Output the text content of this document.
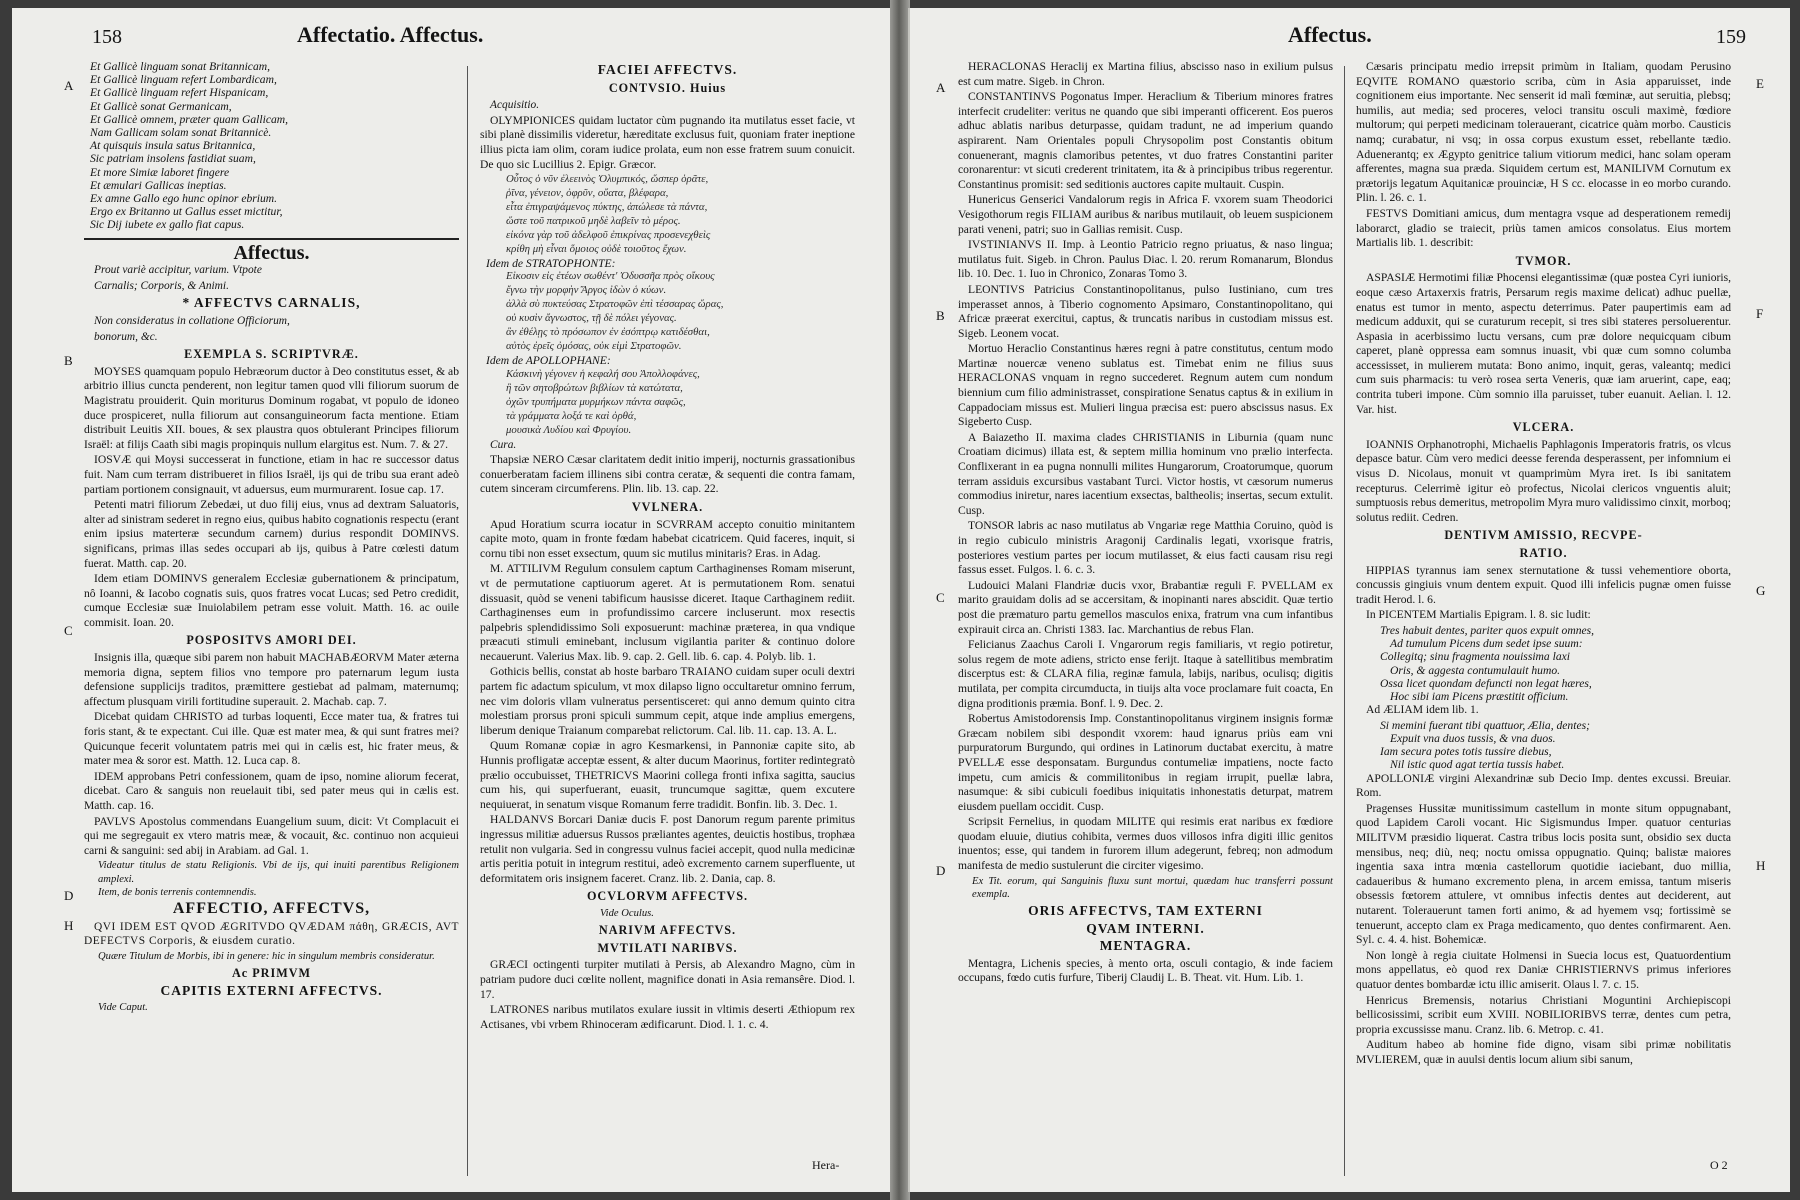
158	Affectatio. Affectus.
A
B
C
D
H

Et Gallicè linguam sonat Britannicam,

Et Gallicè linguam refert Lombardicam,

Et Gallicè linguam refert Hispanicam,

Et Gallicè sonat Germanicam,

Et Gallicè omnem, præter quam Gallicam,

Nam Gallicam solam sonat Britannicè.

At quisquis insula satus Britannica,

Sic patriam insolens fastidiat suam,

Et more Simiæ laboret fingere

Et æmulari Gallicas ineptias.

Ex amne Gallo ego hunc opinor ebrium.

Ergo ex Britanno ut Gallus esset mictitur,

Sic Dij iubete ex gallo fiat capus.

Affectus.

Prout variè accipitur, varium. Vtpote

Carnalis; Corporis, & Animi.

* AFFECTVS CARNALIS,

Non consideratus in collatione Officiorum,

bonorum, &c.

EXEMPLA S. SCRIPTVRÆ.

MOYSES quamquam populo Hebræorum ductor à Deo constitutus esset, & ab arbitrio illius cuncta penderent, non legitur tamen quod vlli filiorum suorum de Magistratu prouiderit. Quin moriturus Dominum rogabat, vt populo de idoneo duce prospiceret, nulla filiorum aut consanguineorum facta mentione. Etiam distribuit Leuitis XII. boues, & sex plaustra quos obtulerant Principes filiorum Israël: at filijs Caath sibi magis propinquis nullum elargitus est. Num. 7. & 27.

IOSVÆ qui Moysi successerat in functione, etiam in hac re successor datus fuit. Nam cum terram distribueret in filios Israël, ijs qui de tribu sua erant adeò partiam portionem consignauit, vt aduersus, eum murmurarent. Iosue cap. 17.

Petenti matri filiorum Zebedæi, ut duo filij eius, vnus ad dextram Saluatoris, alter ad sinistram sederet in regno eius, quibus habito cognationis respectu (erant enim ipsius materteræ secundum carnem) durius respondit DOMINVS. significans, primas illas sedes occupari ab ijs, quibus à Patre cœlesti datum fuerat. Matth. cap. 20.

Idem etiam DOMINVS generalem Ecclesiæ gubernationem & principatum, nô Ioanni, & Iacobo cognatis suis, quos fratres vocat Lucas; sed Petro credidit, cumque Ecclesiæ suæ Inuiolabilem petram esse voluit. Matth. 16. ac ouile commisit. Ioan. 20.

POSPOSITVS AMORI DEI.

Insignis illa, quæque sibi parem non habuit MACHABÆORVM Mater æterna memoria digna, septem filios vno tempore pro paternarum legum iusta defensione supplicijs traditos, præmittere gestiebat ad palmam, maternumq; affectum plusquam virili fortitudine superauit. 2. Machab. cap. 7.

Dicebat quidam CHRISTO ad turbas loquenti, Ecce mater tua, & fratres tui foris stant, & te expectant. Cui ille. Quæ est mater mea, & qui sunt fratres mei? Quicunque fecerit voluntatem patris mei qui in cælis est, hic frater meus, & mater mea & soror est. Matth. 12. Luca cap. 8.

IDEM approbans Petri confessionem, quam de ipso, nomine aliorum fecerat, dicebat. Caro & sanguis non reuelauit tibi, sed pater meus qui in cælis est. Matth. cap. 16.

PAVLVS Apostolus commendans Euangelium suum, dicit: Vt Complacuit ei qui me segregauit ex vtero matris meæ, & vocauit, &c. continuo non acquieui carni & sanguini: sed abij in Arabiam. ad Gal. 1.

Videatur titulus de statu Religionis. Vbi de ijs, qui inuiti parentibus Religionem amplexi.

Item, de bonis terrenis contemnendis.

AFFECTIO, AFFECTVS,

QVI IDEM EST QVOD ÆGRITVDO QVÆDAM πάθη, GRÆCIS, AVT DEFECTVS Corporis, & eiusdem curatio.

Quære Titulum de Morbis, ibi in genere: hic in singulum membris consideratur.

Ac PRIMVM
CAPITIS EXTERNI AFFECTVS.

Vide Caput.

FACIEI AFFECTVS.
CONTVSIO. Huius

Acquisitio.

OLYMPIONICES quidam luctator cùm pugnando ita mutilatus esset facie, vt sibi planè dissimilis videretur, hæreditate exclusus fuit, quoniam frater ineptione illius picta iam olim, coram iudice prolata, eum non esse fratrem suum conuicit. De quo sic Lucillius 2. Epigr. Græcor.

Οὗτος ὁ νῦν ἐλεεινὸς Ὀλυμπικός, ὥσπερ ὁρᾶτε,

ῥῖνα, γένειον, ὀφρῦν, οὔατα, βλέφαρα,

εἶτα ἐπιγραψάμενος πύκτης, ἀπώλεσε τὰ πάντα,

ὥστε τοῦ πατρικοῦ μηδὲ λαβεῖν τὸ μέρος.

εἰκόνα γὰρ τοῦ ἀδελφοῦ ἐπικρίνας προσενεχθεὶς

κρίθη μὴ εἶναι ὅμοιος οὐδὲ τοιοῦτος ἔχων.

Idem de STRATOPHONTE:

Εἰκοσιν εἰς ἐτέων σωθέντ' Ὀδυσσῆα πρὸς οἴκους

ἔγνω τὴν μορφὴν Ἄργος ἰδὼν ὁ κύων.

ἀλλὰ σὺ πυκτεύσας Στρατοφῶν ἐπὶ τέσσαρας ὥρας,

οὐ κυσὶν ἄγνωστος, τῇ δὲ πόλει γέγονας.

ἂν ἐθέλῃς τὸ πρόσωπον ἐν ἐσόπτρῳ κατιδέσθαι,

αὐτὸς ἐρεῖς ὀμόσας, οὐκ εἰμὶ Στρατοφῶν.

Idem de APOLLOPHANE:

Κάσκινὴ γέγονεν ἡ κεφαλή σου Ἀπολλοφάνες,

ἢ τῶν σητοβρώτων βιβλίων τὰ κατώτατα,

ὀχῶν τρυπήματα μυρμήκων πάντα σαφῶς,

τὰ γράμματα λοξά τε καὶ ὀρθά,

μουσικὰ Λυδίου καὶ Φρυγίου.

Cura.

Thapsiæ NERO Cæsar claritatem dedit initio imperij, nocturnis grassationibus conuerberatam faciem illinens sibi contra ceratæ, & sequenti die contra famam, cutem sinceram circumferens. Plin. lib. 13. cap. 22.

VVLNERA.

Apud Horatium scurra iocatur in SCVRRAM accepto conuitio minitantem capite moto, quam in fronte fœdam habebat cicatricem. Quid faceres, inquit, si cornu tibi non esset exsectum, quum sic mutilus minitaris? Eras. in Adag.

M. ATTILIVM Regulum consulem captum Carthaginenses Romam miserunt, vt de permutatione captiuorum ageret. At is permutationem Rom. senatui dissuasit, quòd se veneni tabificum hausisse diceret. Itaque Carthaginem rediit. Carthaginenses eum in profundissimo carcere incluserunt. mox resectis palpebris splendidissimo Soli exposuerunt: machinæ præterea, in qua vndique præacuti stimuli eminebant, inclusum vigilantia pariter & continuo dolore necauerunt. Valerius Max. lib. 9. cap. 2. Gell. lib. 6. cap. 4. Polyb. lib. 1.

Gothicis bellis, constat ab hoste barbaro TRAIANO cuidam super oculi dextri partem fic adactum spiculum, vt mox dilapso ligno occultaretur omnino ferrum, nec vim doloris vllam vulneratus persentisceret: qui anno demum quinto citra molestiam prorsus proni spiculi summum cepit, atque inde amplius emergens, liberum denique Traianum comparebat relictorum. Cal. lib. 11. cap. 13. A. L.

Quum Romanæ copiæ in agro Kesmarkensi, in Pannoniæ capite sito, ab Hunnis profligatæ acceptæ essent, & alter ducum Maorinus, fortiter redintegratò prælio occubuisset, THETRICVS Maorini collega fronti infixa sagitta, saucius cum his, qui superfuerant, euasit, truncumque sagittæ, quem excutere nequiuerat, in senatum visque Romanum ferre tradidit. Bonfin. lib. 3. Dec. 1.

HALDANVS Borcari Daniæ ducis F. post Danorum regum parente primitus ingressus militiæ aduersus Russos præliantes agentes, deuictis hostibus, trophæa retulit non vulgaria. Sed in congressu vulnus faciei accepit, quod nulla medicinæ artis peritia potuit in integrum restitui, adeò excremento carnem superfluente, ut deformitatem oris insignem faceret. Cranz. lib. 2. Dania, cap. 8.

OCVLORVM AFFECTVS.

Vide Oculus.

NARIVM AFFECTVS.
MVTILATI NARIBVS.

GRÆCI octingenti turpiter mutilati à Persis, ab Alexandro Magno, cùm in patriam pudore duci cœlite nollent, magnifice donati in Asia remansêre. Diod. l. 17.

LATRONES naribus mutilatos exulare iussit in vltimis deserti Æthiopum rex Actisanes, vbi vrbem Rhinoceram ædificarunt. Diod. l. 1. c. 4.

Hera-
Affectus.	159
A
B
C
D
E
F
G
H

HERACLONAS Heraclij ex Martina filius, abscisso naso in exilium pulsus est cum matre. Sigeb. in Chron.

CONSTANTINVS Pogonatus Imper. Heraclium & Tiberium minores fratres interfecit crudeliter: veritus ne quando que sibi imperanti officerent. Eos pueros adhuc ablatis naribus deturpasse, quidam tradunt, ne ad imperium quando aspirarent. Nam Orientales populi Chrysopolim post Constantis obitum conuenerant, magnis clamoribus petentes, vt duo fratres Constantini pariter coronarentur: vt sicuti crederent trinitatem, ita & à principibus tribus regerentur. Constantinus promisit: sed seditionis auctores capite multauit. Cuspin.

Hunericus Genserici Vandalorum regis in Africa F. vxorem suam Theodorici Vesigothorum regis FILIAM auribus & naribus mutilauit, ob leuem suspicionem parati veneni, patri; suo in Gallias remisit. Cusp.

IVSTINIANVS II. Imp. à Leontio Patricio regno priuatus, & naso lingua; mutilatus fuit. Sigeb. in Chron. Paulus Diac. l. 20. rerum Romanarum, Blondus lib. 10. Dec. 1. Iuo in Chronico, Zonaras Tomo 3.

LEONTIVS Patricius Constantinopolitanus, pulso Iustiniano, cum tres imperasset annos, à Tiberio cognomento Apsimaro, Constantinopolitano, qui Africæ præerat exercitui, captus, & truncatis naribus in custodiam missus est. Sigeb. Leonem vocat.

Mortuo Heraclio Constantinus hæres regni à patre constitutus, centum modo Martinæ nouercæ veneno sublatus est. Timebat enim ne filius suus HERACLONAS vnquam in regno succederet. Regnum autem cum nondum biennium cum filio administrasset, conspiratione Senatus captus & in exilium in Cappadociam missus est. Mulieri lingua præcisa est: puero abscissus nasus. Ex Sigeberto Cusp.

A Baiazetho II. maxima clades CHRISTIANIS in Liburnia (quam nunc Croatiam dicimus) illata est, & septem millia hominum vno prælio interfecta. Conflixerant in ea pugna nonnulli milites Hungarorum, Croatorumque, quorum terram assiduis excursibus vastabant Turci. Victor hostis, vt cæsorum numerus commodius iniretur, nares iacentium exsectas, baltheolis; insertas, secum extulit. Cusp.

TONSOR labris ac naso mutilatus ab Vngariæ rege Matthia Coruino, quòd is in regio cubiculo ministris Aragonij Cardinalis legati, vxorisque fratris, posteriores vestium partes per iocum mutilasset, & eius facti causam risu regi fassus esset. Fulgos. l. 6. c. 3.

Ludouici Malani Flandriæ ducis vxor, Brabantiæ reguli F. PVELLAM ex marito grauidam dolis ad se accersitam, & inopinanti nares abscidit. Quæ tertio post die præmaturo partu gemellos masculos enixa, fratrum vna cum infantibus expirauit circa an. Christi 1383. Iac. Marchantius de rebus Flan.

Felicianus Zaachus Caroli I. Vngarorum regis familiaris, vt regio potiretur, solus regem de mote adiens, stricto ense ferijt. Itaque à satellitibus membratim discerptus est: & CLARA filia, reginæ famula, labijs, naribus, oculisq; digitis mutilata, per compita circumducta, in tiuijs alta voce proclamare fuit coacta, En digna proditionis præmia. Bonf. l. 9. Dec. 2.

Robertus Amistodorensis Imp. Constantinopolitanus virginem insignis formæ Græcam nobilem sibi despondit vxorem: haud ignarus priùs eam vni purpuratorum Burgundo, qui ordines in Latinorum ductabat exercitu, à matre PVELLÆ esse desponsatam. Burgundus contumeliæ impatiens, nocte facto impetu, cum amicis & commilitonibus in regiam irrupit, puellæ labra, nasumque: & sibi cubiculi foedibus iniquitatis inhonestatis deturpat, matrem eiusdem puellam occidit. Cusp.

Scripsit Fernelius, in quodam MILITE qui resimis erat naribus ex fœdiore quodam eluuie, diutius cohibita, vermes duos villosos infra digiti illic genitos inuentos; esse, qui tandem in furorem illum adegerunt, febreq; non admodum manifesta de medio sustulerunt die circiter vigesimo.

Ex Tit. eorum, qui Sanguinis fluxu sunt mortui, quædam huc transferri possunt exempla.

ORIS AFFECTVS, TAM EXTERNI
QVAM INTERNI.
MENTAGRA.

Mentagra, Lichenis species, à mento orta, osculi contagio, & inde faciem occupans, fœdo cutis furfure, Tiberij Claudij L. B. Theat. vit. Hum. Lib. 1.

Cæsaris principatu medio irrepsit primùm in Italiam, quodam Perusino EQVITE ROMANO quæstorio scriba, cùm in Asia apparuisset, inde cognitionem eius importante. Nec senserit id malì fœminæ, aut seruitia, plebsq; humilis, aut media; sed proceres, veloci transitu osculi maximè, fœdiore multorum; qui perpeti medicinam tolerauerant, cicatrice quàm morbo. Causticis namq; curabatur, ni vsq; in ossa corpus exustum esset, rebellante tædio. Aduenerantq; ex Ægypto genitrice talium vitiorum medici, hanc solam operam afferentes, magna sua præda. Siquidem certum est, MANILIVM Cornutum ex prætorijs legatum Aquitanicæ prouinciæ, H S cc. elocasse in eo morbo curando. Plin. l. 26. c. 1.

FESTVS Domitiani amicus, dum mentagra vsque ad desperationem remedij laborarct, gladio se traiecit, priùs tamen amicos consolatus. Eius mortem Martialis lib. 1. describit:

TVMOR.

ASPASIÆ Hermotimi filiæ Phocensi elegantissimæ (quæ postea Cyri iunioris, eoque cæso Artaxerxis fratris, Persarum regis maxime delicat) adhuc puellæ, enatus est tumor in mento, aspectu deterrimus. Pater paupertimis eam ad medicum adduxit, qui se curaturum recepit, si tres sibi stateres persoluerentur. Aspasia in acerbissimo luctu versans, cum præ dolore nequicquam cibum caperet, planè oppressa eam somnus inuasit, vbi quæ cum somno columba accessisset, in mulierem mutata: Bono animo, inquit, geras, valeantq; medici cum suis pharmacis: tu verò rosea serta Veneris, quæ iam aruerint, cape, eaq; contrita tuberi impone. Cùm somnio illa paruisset, tuber euanuit. Aelian. l. 12. Var. hist.

VLCERA.

IOANNIS Orphanotrophi, Michaelis Paphlagonis Imperatoris fratris, os vlcus depasce batur. Cùm vero medici deesse ferenda desperassent, per infomnium ei visus D. Nicolaus, monuit vt quamprimùm Myra iret. Is ibi sanitatem recepturus. Celerrimè igitur eò profectus, Nicolai clericos vnguentis aluit; sumptuosis rebus demeritus, metropolim Myra muro validissimo cinxit, morboq; solutus rediit. Cedren.

DENTIVM AMISSIO, RECVPE-
RATIO.

HIPPIAS tyrannus iam senex sternutatione & tussi vehementiore oborta, concussis gingiuis vnum dentem expuit. Quod illi infelicis pugnæ omen fuisse tradit Herod. l. 6.

In PICENTEM Martialis Epigram. l. 8. sic ludit:

Tres habuit dentes, pariter quos expuit omnes,

Ad tumulum Picens dum sedet ipse suum:

Collegitq; sinu fragmenta nouissima laxi

Oris, & aggesta contumulauit humo.

Ossa licet quondam defuncti non legat hæres,

Hoc sibi iam Picens præstitit officium.

Ad ÆLIAM idem lib. 1.

Si memini fuerant tibi quattuor, Ælia, dentes;

Expuit vna duos tussis, & vna duos.

Iam secura potes totis tussire diebus,

Nil istic quod agat tertia tussis habet.

APOLLONIÆ virgini Alexandrinæ sub Decio Imp. dentes excussi. Breuiar. Rom.

Pragenses Hussitæ munitissimum castellum in monte situm oppugnabant, quod Lapidem Caroli vocant. Hic Sigismundus Imper. quatuor centurias MILITVM præsidio liquerat. Castra tribus locis posita sunt, obsidio sex ducta mensibus, neq; diù, neq; noctu omissa oppugnatio. Quinq; balistæ maiores ingentia saxa intra mœnia castellorum quotidie iaciebant, duo millia, cadaueribus & humano excremento plena, in arcem emissa, tantum miseris obsessis fœtorem attulere, vt omnibus infectis dentes aut deciderent, aut nutarent. Tolerauerunt tamen forti animo, & ad hyemem vsq; fortissimè se tenuerunt, accepto clam ex Praga medicamento, quo dentes confirmarent. Aen. Syl. c. 4. 4. hist. Bohemicæ.

Non longè à regia ciuitate Holmensi in Suecia locus est, Quatuordentium mons appellatus, eò quod rex Daniæ CHRISTIERNVS primus inferiores quatuor dentes bombardæ ictu illic amiserit. Olaus l. 7. c. 15.

Henricus Bremensis, notarius Christiani Moguntini Archiepiscopi bellicosissimi, scribit eum XVIII. NOBILIORIBVS terræ, dentes cum petra, propria excussisse manu. Cranz. lib. 6. Metrop. c. 41.

Auditum habeo ab homine fide digno, visam sibi primæ nobilitatis MVLIEREM, quæ in auulsi dentis locum alium sibi sanum,

O 2
